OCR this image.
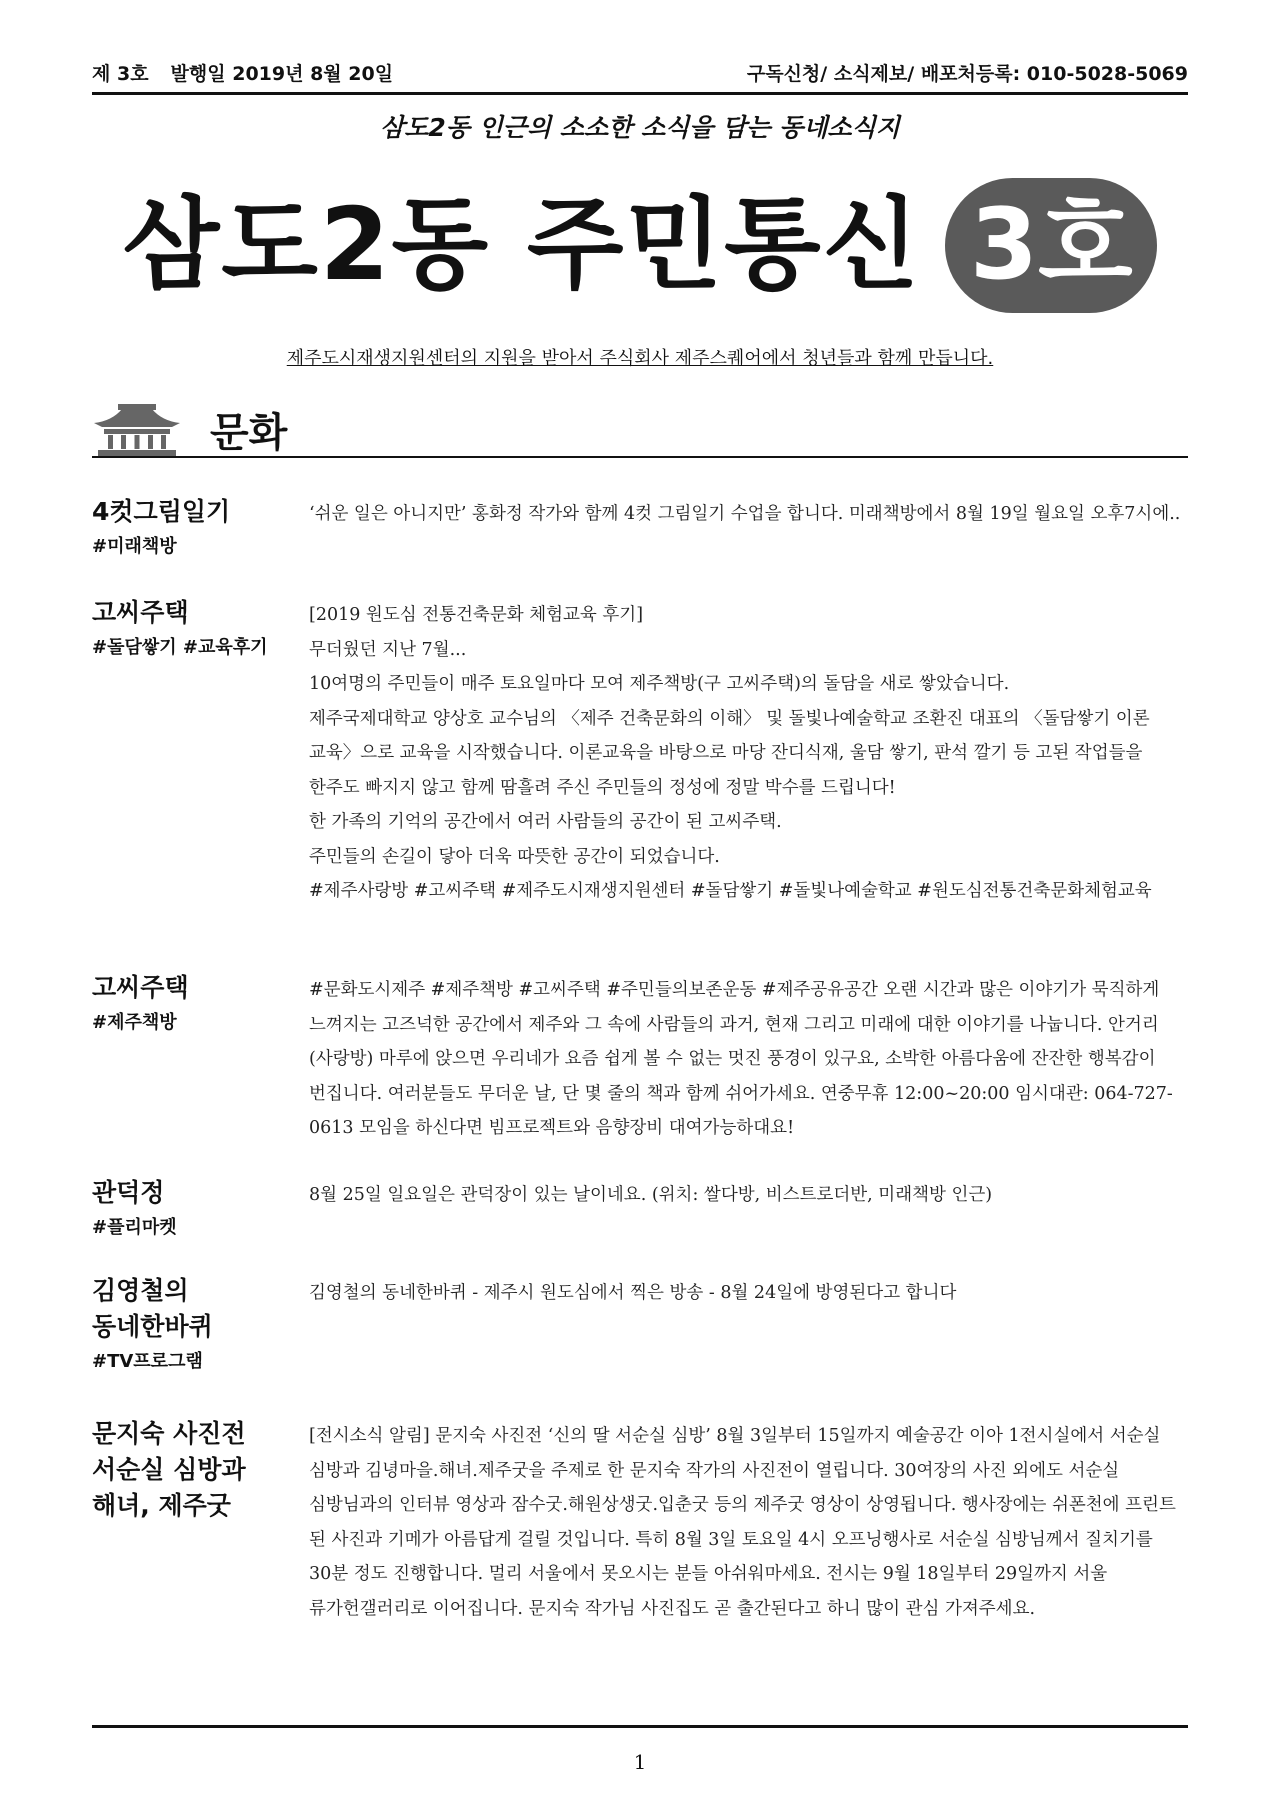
제 3호 발행일 2019년 8월 20일	구독신청/ 소식제보/ 배포처등록: 010-5028-5069
삼도2동 인근의 소소한 소식을 담는 동네소식지
삼도2동 주민통신 3호
제주도시재생지원센터의 지원을 받아서 주식회사 제주스퀘어에서 청년들과 함께 만듭니다.
문화
4컷그림일기
#미래책방
‘쉬운 일은 아니지만’ 홍화정 작가와 함께 4컷 그림일기 수업을 합니다. 미래책방에서 8월 19일 월요일 오후7시에..
고씨주택
#돌담쌓기 #교육후기
[2019 원도심 전통건축문화 체험교육 후기]
무더웠던 지난 7월...
10여명의 주민들이 매주 토요일마다 모여 제주책방(구 고씨주택)의 돌담을 새로 쌓았습니다.
제주국제대학교 양상호 교수님의 〈제주 건축문화의 이해〉 및 돌빛나예술학교 조환진 대표의 〈돌담쌓기 이론 교육〉으로 교육을 시작했습니다. 이론교육을 바탕으로 마당 잔디식재, 울담 쌓기, 판석 깔기 등 고된 작업들을 한주도 빠지지 않고 함께 땀흘려 주신 주민들의 정성에 정말 박수를 드립니다!
한 가족의 기억의 공간에서 여러 사람들의 공간이 된 고씨주택.
주민들의 손길이 닿아 더욱 따뜻한 공간이 되었습니다.
#제주사랑방 #고씨주택 #제주도시재생지원센터 #돌담쌓기 #돌빛나예술학교 #원도심전통건축문화체험교육
고씨주택
#제주책방
#문화도시제주 #제주책방 #고씨주택 #주민들의보존운동 #제주공유공간 오랜 시간과 많은 이야기가 묵직하게 느껴지는 고즈넉한 공간에서 제주와 그 속에 사람들의 과거, 현재 그리고 미래에 대한 이야기를 나눕니다. 안거리(사랑방) 마루에 앉으면 우리네가 요즘 쉽게 볼 수 없는 멋진 풍경이 있구요, 소박한 아름다움에 잔잔한 행복감이 번집니다. 여러분들도 무더운 날, 단 몇 줄의 책과 함께 쉬어가세요. 연중무휴 12:00~20:00 임시대관: 064-727-0613 모임을 하신다면 빔프로젝트와 음향장비 대여가능하대요!
관덕정
#플리마켓
8월 25일 일요일은 관덕장이 있는 날이네요. (위치: 쌀다방, 비스트로더반, 미래책방 인근)
김영철의
동네한바퀴
#TV프로그램
김영철의 동네한바퀴 - 제주시 원도심에서 찍은 방송 - 8월 24일에 방영된다고 합니다
문지숙 사진전
서순실 심방과
해녀, 제주굿
[전시소식 알림] 문지숙 사진전 ‘신의 딸 서순실 심방’ 8월 3일부터 15일까지 예술공간 이아 1전시실에서 서순실 심방과 김녕마을.해녀.제주굿을 주제로 한 문지숙 작가의 사진전이 열립니다. 30여장의 사진 외에도 서순실 심방님과의 인터뷰 영상과 잠수굿.해원상생굿.입춘굿 등의 제주굿 영상이 상영됩니다. 행사장에는 쉬폰천에 프린트 된 사진과 기메가 아름답게 걸릴 것입니다. 특히 8월 3일 토요일 4시 오프닝행사로 서순실 심방님께서 질치기를 30분 정도 진행합니다. 멀리 서울에서 못오시는 분들 아쉬워마세요. 전시는 9월 18일부터 29일까지 서울 류가헌갤러리로 이어집니다. 문지숙 작가님 사진집도 곧 출간된다고 하니 많이 관심 가져주세요.
1
